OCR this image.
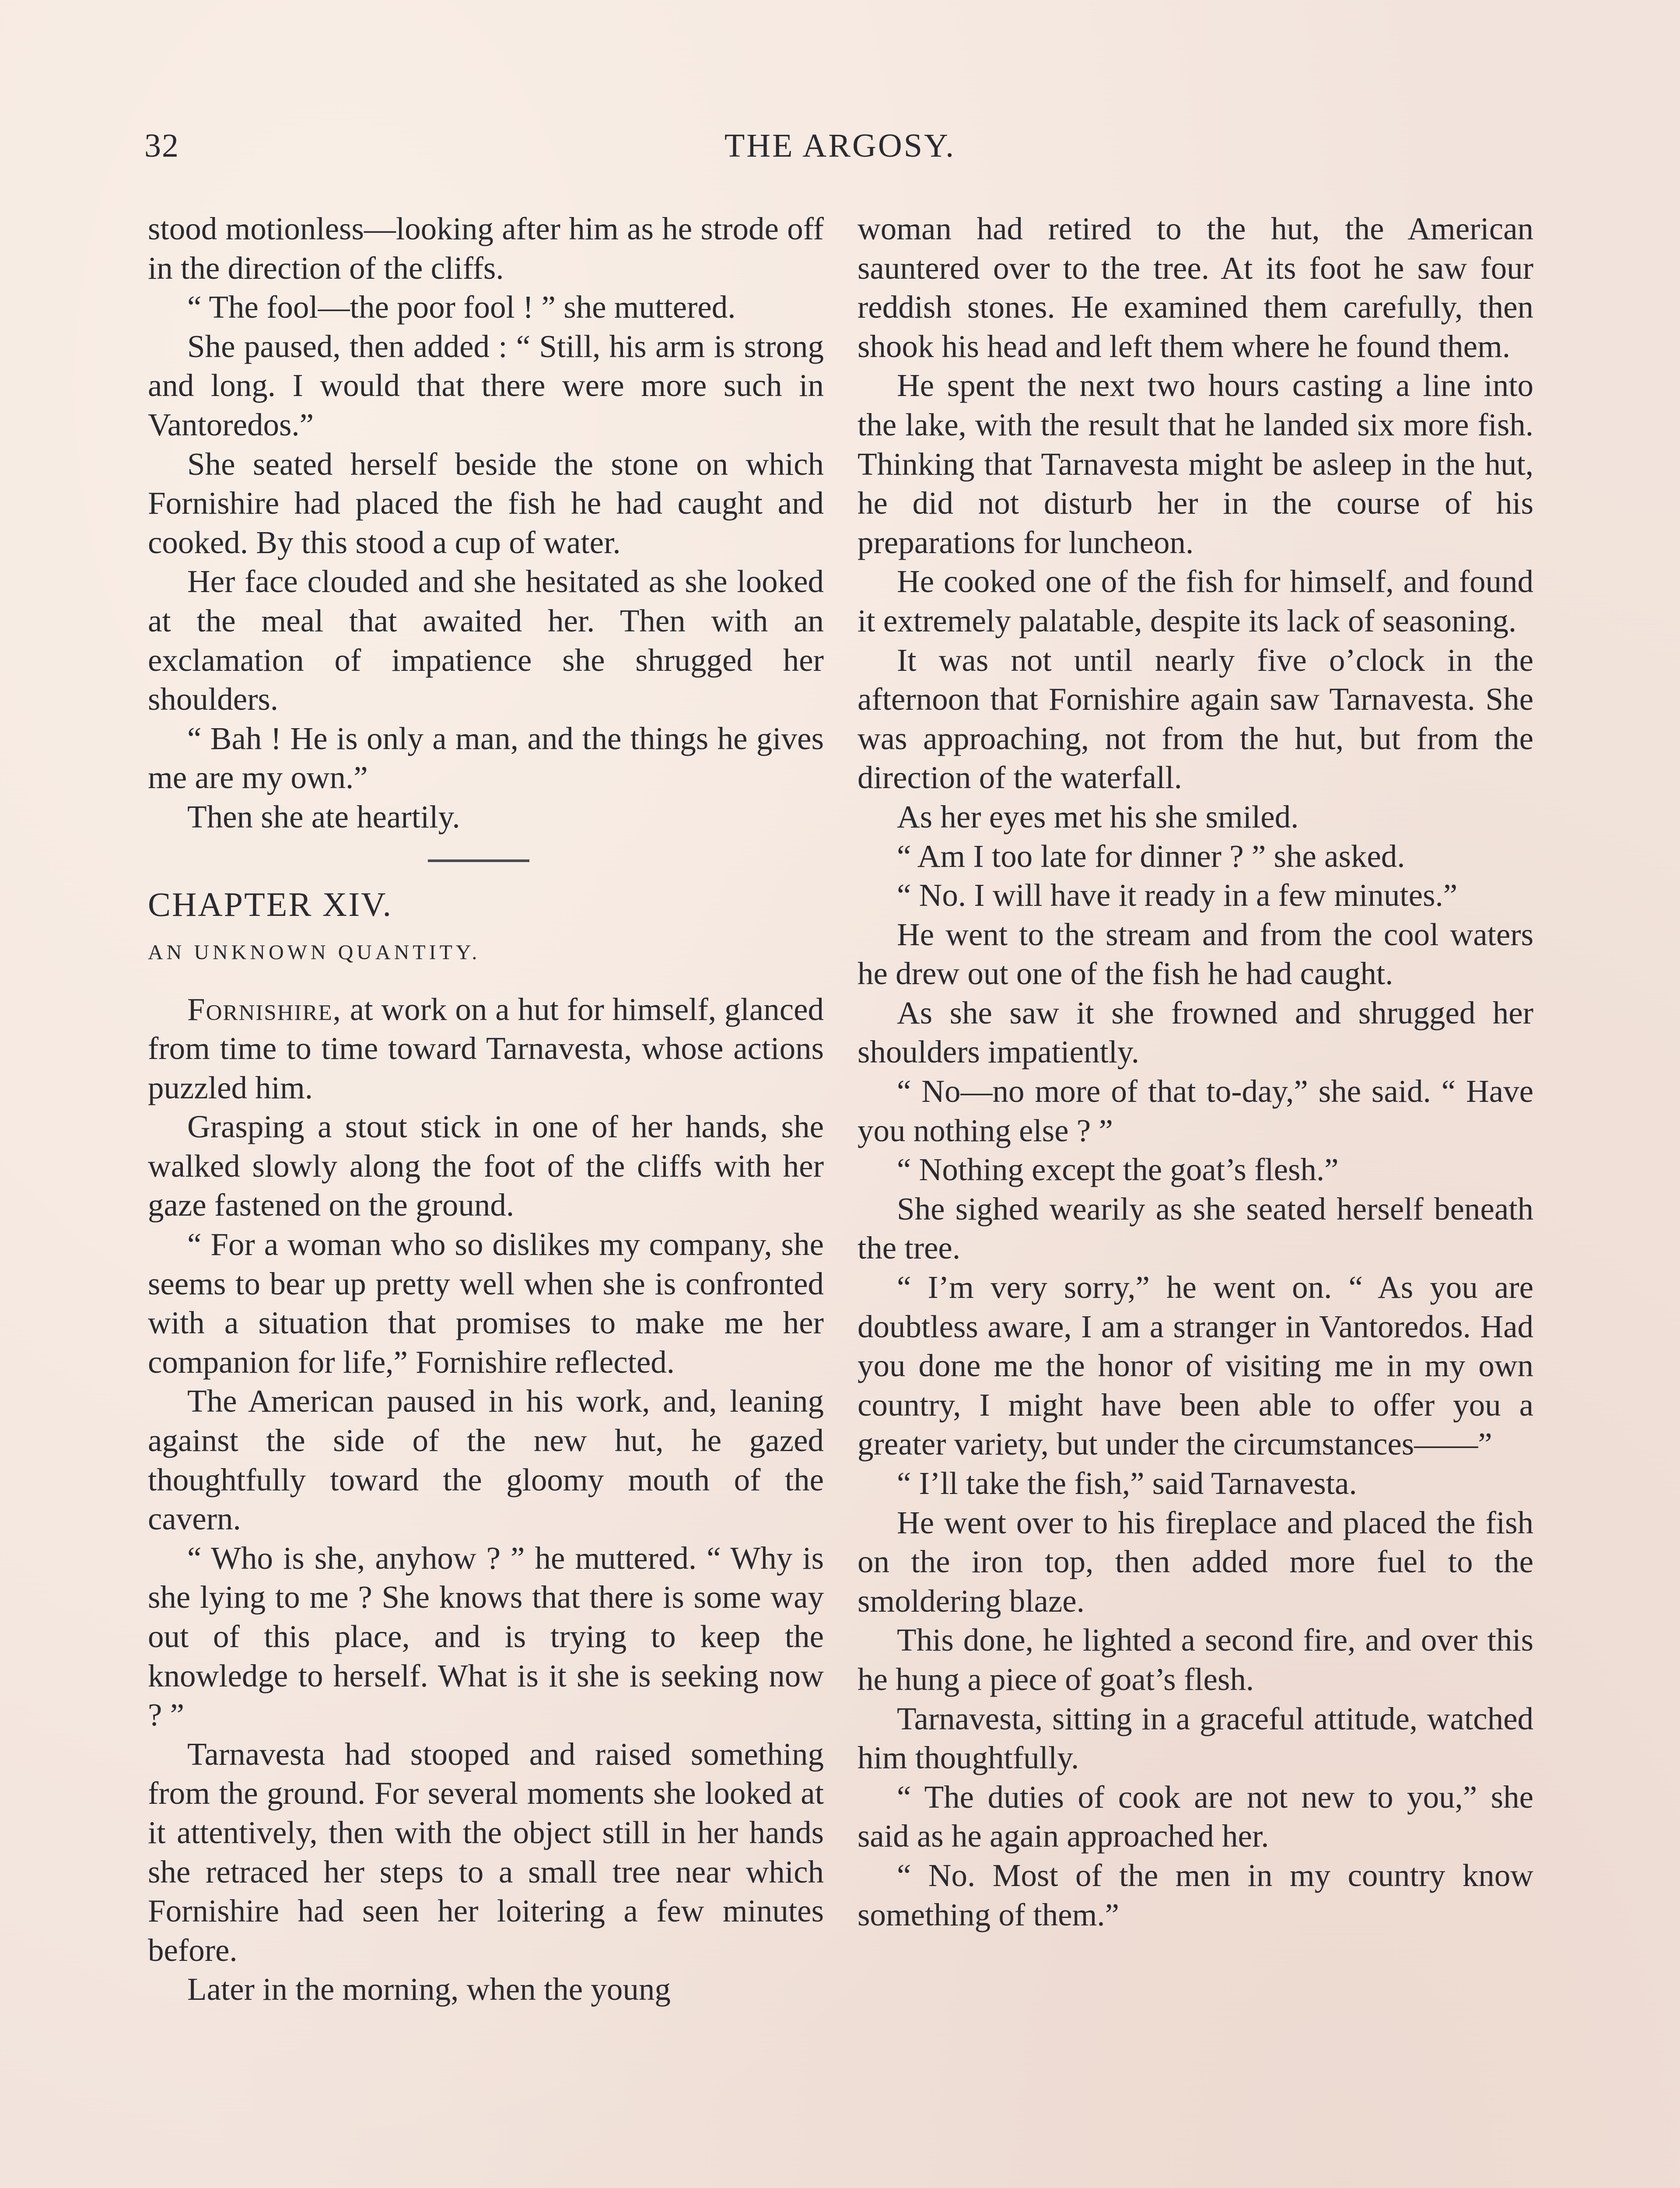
32	THE ARGOSY.

stood motionless—looking after him as he strode off in the direction of the cliffs.

“ The fool—the poor fool ! ” she muttered.

She paused, then added : “ Still, his arm is strong and long. I would that there were more such in Vantoredos.”

She seated herself beside the stone on which Fornishire had placed the fish he had caught and cooked. By this stood a cup of water.

Her face clouded and she hesitated as she looked at the meal that awaited her. Then with an exclamation of impatience she shrugged her shoulders.

“ Bah ! He is only a man, and the things he gives me are my own.”

Then she ate heartily.

CHAPTER XIV.
AN UNKNOWN QUANTITY.

Fornishire, at work on a hut for himself, glanced from time to time toward Tarnavesta, whose actions puzzled him.

Grasping a stout stick in one of her hands, she walked slowly along the foot of the cliffs with her gaze fastened on the ground.

“ For a woman who so dislikes my company, she seems to bear up pretty well when she is confronted with a situation that promises to make me her companion for life,” Fornishire reflected.

The American paused in his work, and, leaning against the side of the new hut, he gazed thoughtfully toward the gloomy mouth of the cavern.

“ Who is she, anyhow ? ” he muttered. “ Why is she lying to me ? She knows that there is some way out of this place, and is trying to keep the knowledge to herself. What is it she is seeking now ? ”

Tarnavesta had stooped and raised something from the ground. For several moments she looked at it attentively, then with the object still in her hands she retraced her steps to a small tree near which Fornishire had seen her loitering a few minutes before.

Later in the morning, when the young

woman had retired to the hut, the American sauntered over to the tree. At its foot he saw four reddish stones. He examined them carefully, then shook his head and left them where he found them.

He spent the next two hours casting a line into the lake, with the result that he landed six more fish. Thinking that Tarnavesta might be asleep in the hut, he did not disturb her in the course of his preparations for luncheon.

He cooked one of the fish for himself, and found it extremely palatable, despite its lack of seasoning.

It was not until nearly five o’clock in the afternoon that Fornishire again saw Tarnavesta. She was approaching, not from the hut, but from the direction of the waterfall.

As her eyes met his she smiled.

“ Am I too late for dinner ? ” she asked.

“ No. I will have it ready in a few minutes.”

He went to the stream and from the cool waters he drew out one of the fish he had caught.

As she saw it she frowned and shrugged her shoulders impatiently.

“ No—no more of that to-day,” she said. “ Have you nothing else ? ”

“ Nothing except the goat’s flesh.”

She sighed wearily as she seated herself beneath the tree.

“ I’m very sorry,” he went on. “ As you are doubtless aware, I am a stranger in Vantoredos. Had you done me the honor of visiting me in my own country, I might have been able to offer you a greater variety, but under the circumstances——”

“ I’ll take the fish,” said Tarnavesta.

He went over to his fireplace and placed the fish on the iron top, then added more fuel to the smoldering blaze.

This done, he lighted a second fire, and over this he hung a piece of goat’s flesh.

Tarnavesta, sitting in a graceful attitude, watched him thoughtfully.

“ The duties of cook are not new to you,” she said as he again approached her.

“ No. Most of the men in my country know something of them.”
